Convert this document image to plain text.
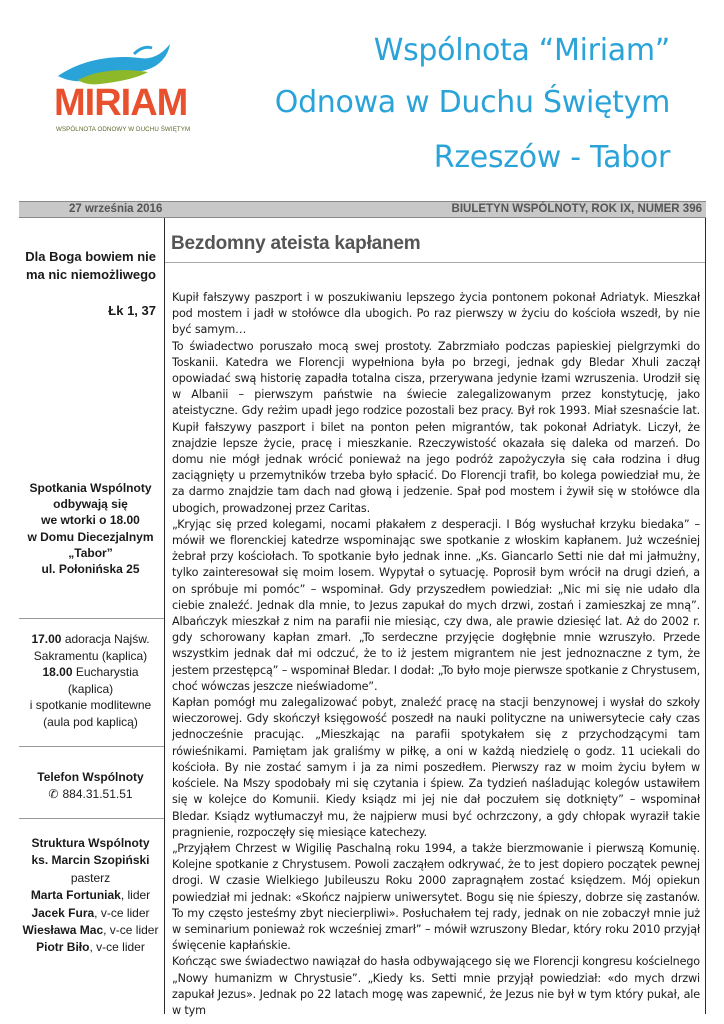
MIRIAM
WSPÓLNOTA ODNOWY W DUCHU ŚWIĘTYM
Wspólnota “Miriam”
Odnowa w Duchu Świętym
Rzeszów - Tabor
27 września 2016	BIULETYN WSPÓLNOTY, ROK IX, NUMER 396
Dla Boga bowiem nie ma nic niemożliwego
Łk 1, 37
Spotkania Wspólnoty
odbywają się
we wtorki o 18.00
w Domu Diecezjalnym
„Tabor”
ul. Połonińska 25
17.00 adoracja Najśw.
Sakramentu (kaplica)
18.00 Eucharystia (kaplica)
i spotkanie modlitewne
(aula pod kaplicą)
Telefon Wspólnoty
✆ 884.31.51.51
Struktura Wspólnoty
ks. Marcin Szopiński
pasterz
Marta Fortuniak, lider
Jacek Fura, v-ce lider
Wiesława Mac, v-ce lider
Piotr Biło, v-ce lider
Bezdomny ateista kapłanem

Kupił fałszywy paszport i w poszukiwaniu lepszego życia pontonem pokonał Adriatyk. Mieszkał pod mostem i jadł w stołówce dla ubogich. Po raz pierwszy w życiu do kościoła wszedł, by nie być samym…

To świadectwo poruszało mocą swej prostoty. Zabrzmiało podczas papieskiej pielgrzymki do Toskanii. Katedra we Florencji wypełniona była po brzegi, jednak gdy Bledar Xhuli zaczął opowiadać swą historię zapadła totalna cisza, przerywana jedynie łzami wzruszenia. Urodził się w Albanii – pierwszym państwie na świecie zalegalizowanym przez konstytucję, jako ateistyczne. Gdy reżim upadł jego rodzice pozostali bez pracy. Był rok 1993. Miał szesnaście lat. Kupił fałszywy paszport i bilet na ponton pełen migrantów, tak pokonał Adriatyk. Liczył, że znajdzie lepsze życie, pracę i mieszkanie. Rzeczywistość okazała się daleka od marzeń. Do domu nie mógł jednak wrócić ponieważ na jego podróż zapożyczyła się cała rodzina i dług zaciągnięty u przemytników trzeba było spłacić. Do Florencji trafił, bo kolega powiedział mu, że za darmo znajdzie tam dach nad głową i jedzenie. Spał pod mostem i żywił się w stołówce dla ubogich, prowadzonej przez Caritas.

„Kryjąc się przed kolegami, nocami płakałem z desperacji. I Bóg wysłuchał krzyku biedaka” – mówił we florenckiej katedrze wspominając swe spotkanie z włoskim kapłanem. Już wcześniej żebrał przy kościołach. To spotkanie było jednak inne. „Ks. Giancarlo Setti nie dał mi jałmużny, tylko zainteresował się moim losem. Wypytał o sytuację. Poprosił bym wrócił na drugi dzień, a on spróbuje mi pomóc” – wspominał. Gdy przyszedłem powiedział: „Nic mi się nie udało dla ciebie znaleźć. Jednak dla mnie, to Jezus zapukał do mych drzwi, zostań i zamieszkaj ze mną”. Albańczyk mieszkał z nim na parafii nie miesiąc, czy dwa, ale prawie dziesięć lat. Aż do 2002 r. gdy schorowany kapłan zmarł. „To serdeczne przyjęcie dogłębnie mnie wzruszyło. Przede wszystkim jednak dał mi odczuć, że to iż jestem migrantem nie jest jednoznaczne z tym, że jestem przestępcą” – wspominał Bledar. I dodał: „To było moje pierwsze spotkanie z Chrystusem, choć wówczas jeszcze nieświadome”.

Kapłan pomógł mu zalegalizować pobyt, znaleźć pracę na stacji benzynowej i wysłał do szkoły wieczorowej. Gdy skończył księgowość poszedł na nauki polityczne na uniwersytecie cały czas jednocześnie pracując. „Mieszkając na parafii spotykałem się z przychodzącymi tam rówieśnikami. Pamiętam jak graliśmy w piłkę, a oni w każdą niedzielę o godz. 11 uciekali do kościoła. By nie zostać samym i ja za nimi poszedłem. Pierwszy raz w moim życiu byłem w kościele. Na Mszy spodobały mi się czytania i śpiew. Za tydzień naśladując kolegów ustawiłem się w kolejce do Komunii. Kiedy ksiądz mi jej nie dał poczułem się dotknięty” – wspominał Bledar. Ksiądz wytłumaczył mu, że najpierw musi być ochrzczony, a gdy chłopak wyraził takie pragnienie, rozpoczęły się miesiące katechezy.

„Przyjąłem Chrzest w Wigilię Paschalną roku 1994, a także bierzmowanie i pierwszą Komunię. Kolejne spotkanie z Chrystusem. Powoli zacząłem odkrywać, że to jest dopiero początek pewnej drogi. W czasie Wielkiego Jubileuszu Roku 2000 zapragnąłem zostać księdzem. Mój opiekun powiedział mi jednak: «Skończ najpierw uniwersytet. Bogu się nie śpieszy, dobrze się zastanów. To my często jesteśmy zbyt niecierpliwi». Posłuchałem tej rady, jednak on nie zobaczył mnie już w seminarium ponieważ rok wcześniej zmarł” – mówił wzruszony Bledar, który roku 2010 przyjął święcenie kapłańskie.

Kończąc swe świadectwo nawiązał do hasła odbywającego się we Florencji kongresu kościelnego „Nowy humanizm w Chrystusie”. „Kiedy ks. Setti mnie przyjął powiedział: «do mych drzwi zapukał Jezus». Jednak po 22 latach mogę was zapewnić, że Jezus nie był w tym który pukał, ale w tym
